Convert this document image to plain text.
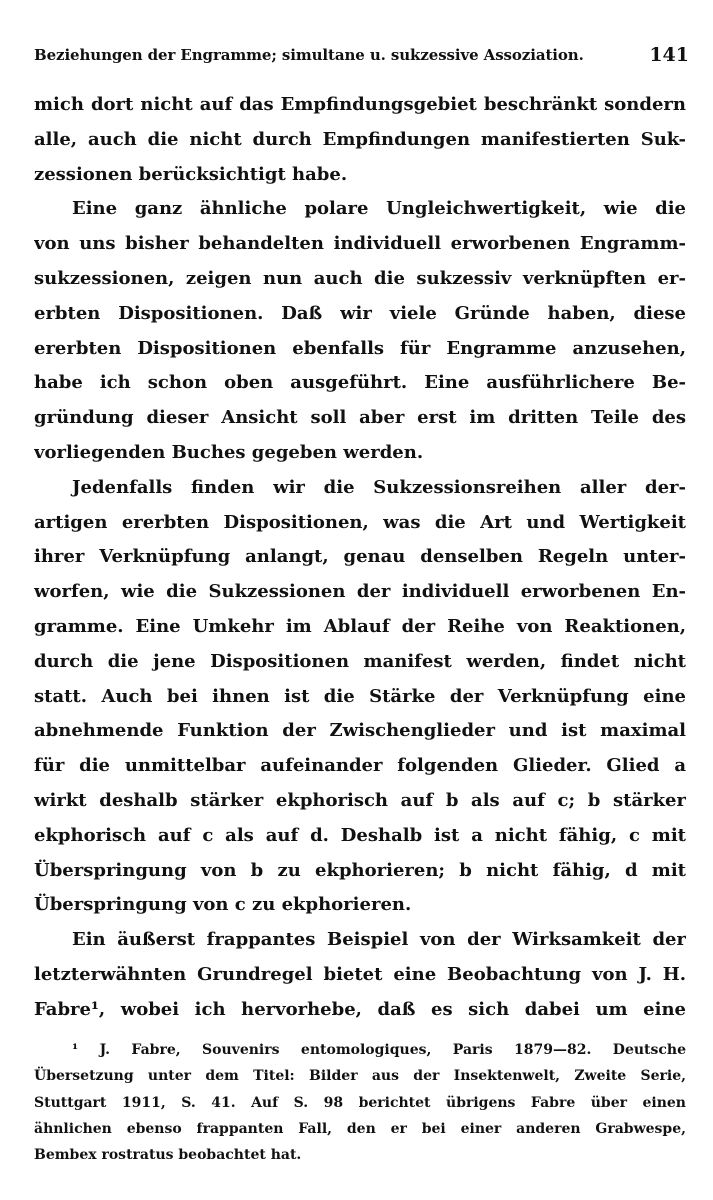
Beziehungen der Engramme; simultane u. sukzessive Assoziation.	141
mich dort nicht auf das Empfindungsgebiet beschränkt sondern
alle, auch die nicht durch Empfindungen manifestierten Suk-
zessionen berücksichtigt habe.
Eine ganz ähnliche polare Ungleichwertigkeit, wie die
von uns bisher behandelten individuell erworbenen Engramm-
sukzessionen, zeigen nun auch die sukzessiv verknüpften er-
erbten Dispositionen. Daß wir viele Gründe haben, diese
ererbten Dispositionen ebenfalls für Engramme anzusehen,
habe ich schon oben ausgeführt. Eine ausführlichere Be-
gründung dieser Ansicht soll aber erst im dritten Teile des
vorliegenden Buches gegeben werden.
Jedenfalls finden wir die Sukzessionsreihen aller der-
artigen ererbten Dispositionen, was die Art und Wertigkeit
ihrer Verknüpfung anlangt, genau denselben Regeln unter-
worfen, wie die Sukzessionen der individuell erworbenen En-
gramme. Eine Umkehr im Ablauf der Reihe von Reaktionen,
durch die jene Dispositionen manifest werden, findet nicht
statt. Auch bei ihnen ist die Stärke der Verknüpfung eine
abnehmende Funktion der Zwischenglieder und ist maximal
für die unmittelbar aufeinander folgenden Glieder. Glied a
wirkt deshalb stärker ekphorisch auf b als auf c; b stärker
ekphorisch auf c als auf d. Deshalb ist a nicht fähig, c mit
Überspringung von b zu ekphorieren; b nicht fähig, d mit
Überspringung von c zu ekphorieren.
Ein äußerst frappantes Beispiel von der Wirksamkeit der
letzterwähnten Grundregel bietet eine Beobachtung von J. H.
Fabre¹, wobei ich hervorhebe, daß es sich dabei um eine
¹ J. Fabre, Souvenirs entomologiques, Paris 1879—82. Deutsche
Übersetzung unter dem Titel: Bilder aus der Insektenwelt, Zweite Serie,
Stuttgart 1911, S. 41. Auf S. 98 berichtet übrigens Fabre über einen
ähnlichen ebenso frappanten Fall, den er bei einer anderen Grabwespe,
Bembex rostratus beobachtet hat.
